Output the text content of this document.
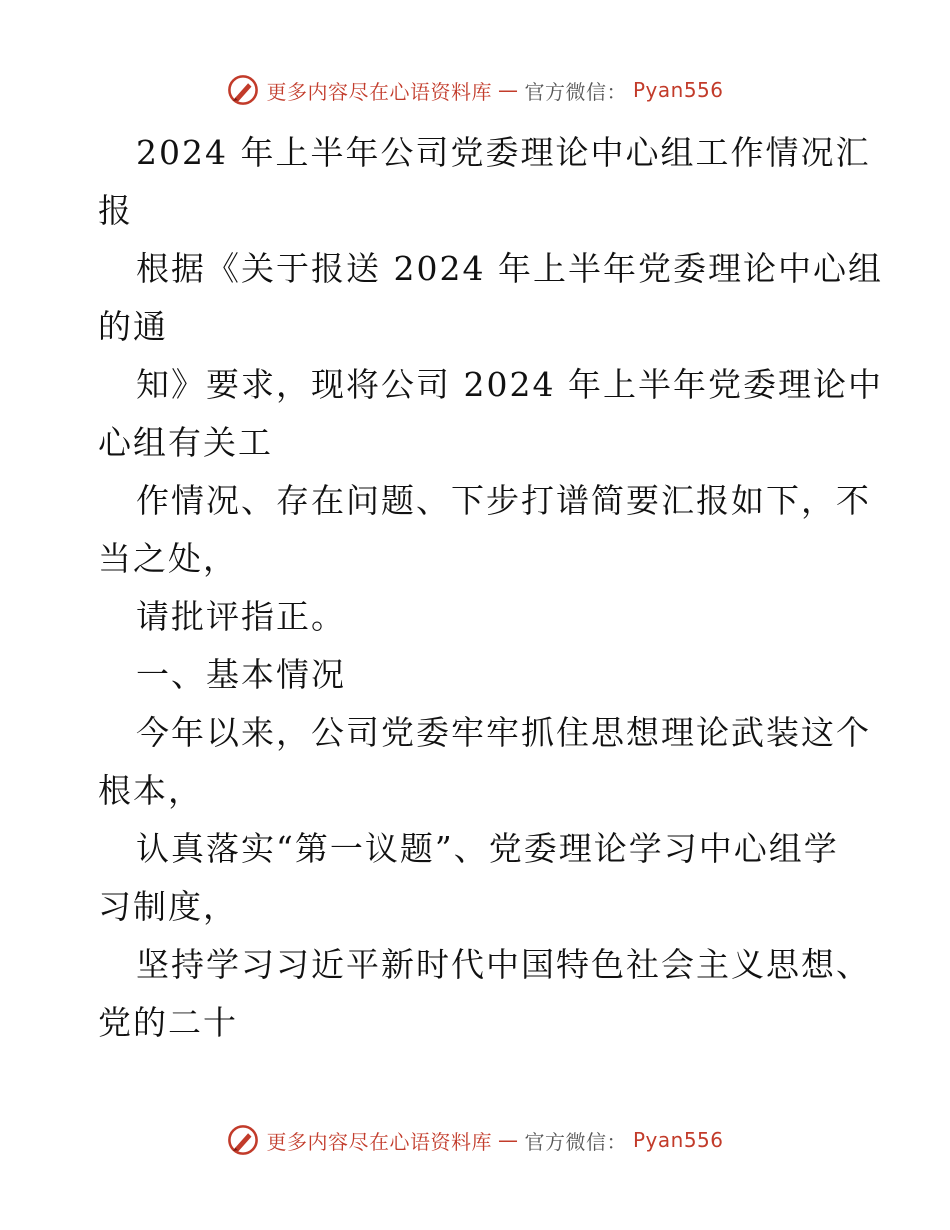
更多内容尽在心语资料库 — 官方微信： Pyan556
2024 年上半年公司党委理论中心组工作情况汇
报
根据《关于报送 2024 年上半年党委理论中心组
的通
知》要求，现将公司 2024 年上半年党委理论中
心组有关工
作情况、存在问题、下步打谱简要汇报如下，不
当之处，
请批评指正。
一、基本情况
今年以来，公司党委牢牢抓住思想理论武装这个
根本，
认真落实“第一议题”、党委理论学习中心组学
习制度，
坚持学习习近平新时代中国特色社会主义思想、
党的二十
更多内容尽在心语资料库 — 官方微信： Pyan556
